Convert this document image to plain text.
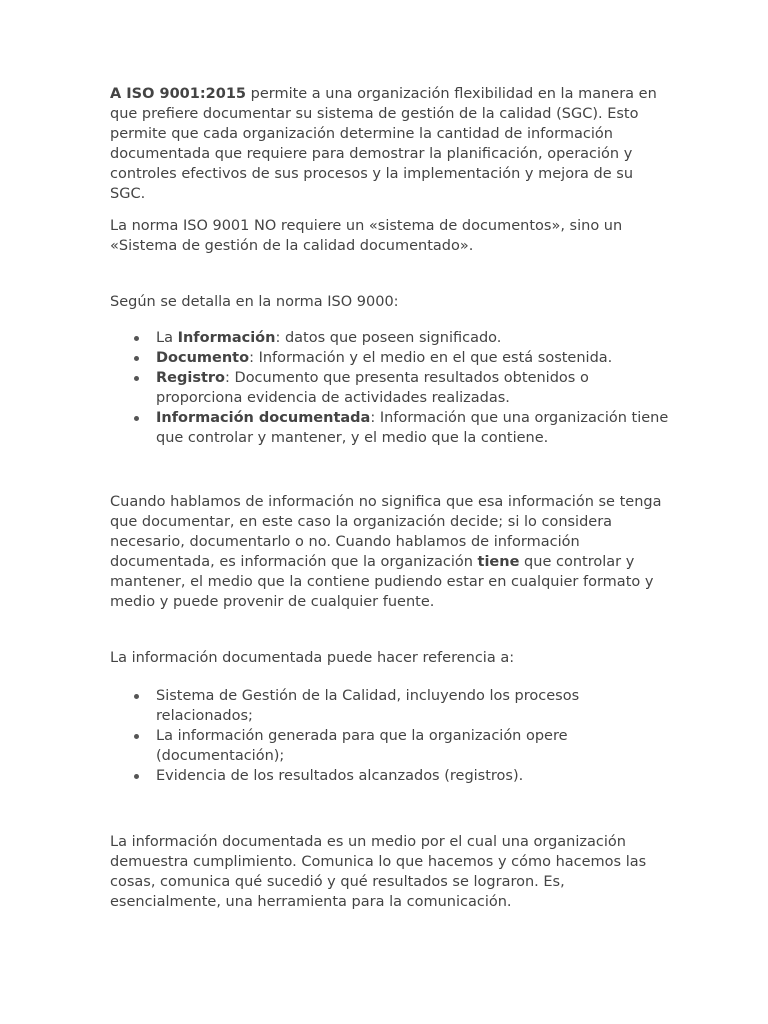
A ISO 9001:2015 permite a una organización flexibilidad en la manera en que prefiere documentar su sistema de gestión de la calidad (SGC). Esto permite que cada organización determine la cantidad de información documentada que requiere para demostrar la planificación, operación y controles efectivos de sus procesos y la implementación y mejora de su SGC.

La norma ISO 9001 NO requiere un «sistema de documentos», sino un «Sistema de gestión de la calidad documentado».

Según se detalla en la norma ISO 9000:

La Información: datos que poseen significado.
Documento: Información y el medio en el que está sostenida.
Registro: Documento que presenta resultados obtenidos o proporciona evidencia de actividades realizadas.
Información documentada: Información que una organización tiene que controlar y mantener, y el medio que la contiene.

Cuando hablamos de información no significa que esa información se tenga que documentar, en este caso la organización decide; si lo considera necesario, documentarlo o no. Cuando hablamos de información documentada, es información que la organización tiene que controlar y mantener, el medio que la contiene pudiendo estar en cualquier formato y medio y puede provenir de cualquier fuente.

La información documentada puede hacer referencia a:

Sistema de Gestión de la Calidad, incluyendo los procesos relacionados;
La información generada para que la organización opere (documentación);
Evidencia de los resultados alcanzados (registros).

La información documentada es un medio por el cual una organización demuestra cumplimiento. Comunica lo que hacemos y cómo hacemos las cosas, comunica qué sucedió y qué resultados se lograron. Es, esencialmente, una herramienta para la comunicación.
